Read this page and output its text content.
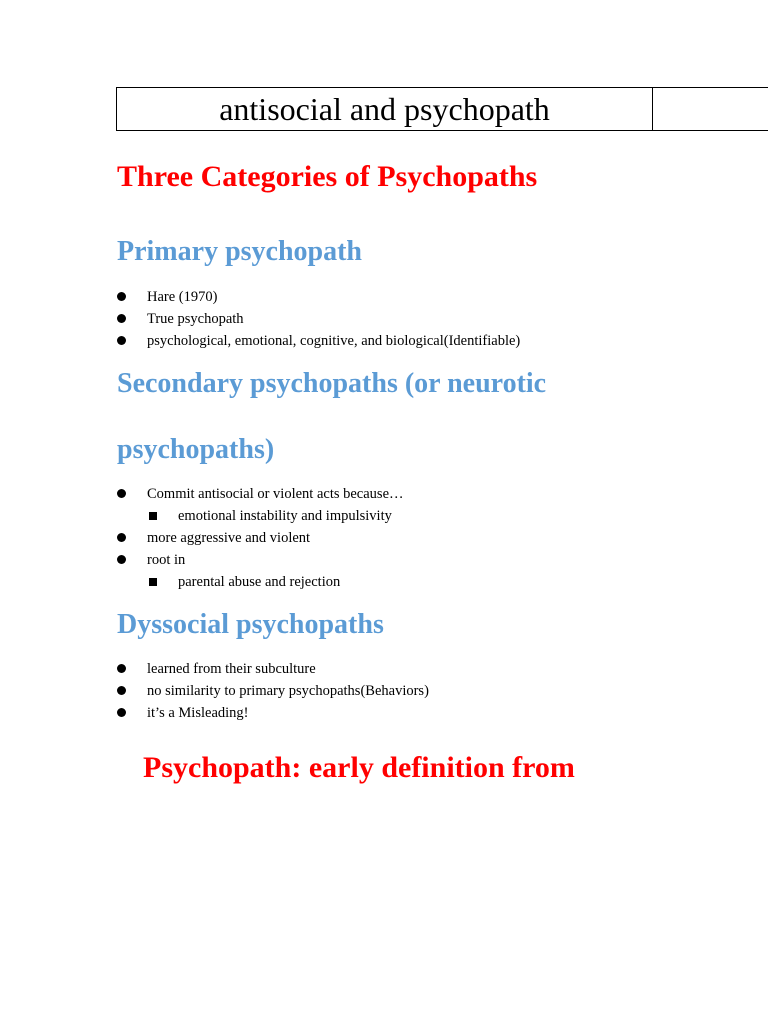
antisocial and psychopath
Three Categories of Psychopaths
Primary psychopath
Hare (1970)
True psychopath
psychological, emotional, cognitive, and biological(Identifiable)
Secondary psychopaths (or neurotic
psychopaths)
Commit antisocial or violent acts because…
emotional instability and impulsivity
more aggressive and violent
root in
parental abuse and rejection
Dyssocial psychopaths
learned from their subculture
no similarity to primary psychopaths(Behaviors)
it’s a Misleading!
Psychopath: early definition from
